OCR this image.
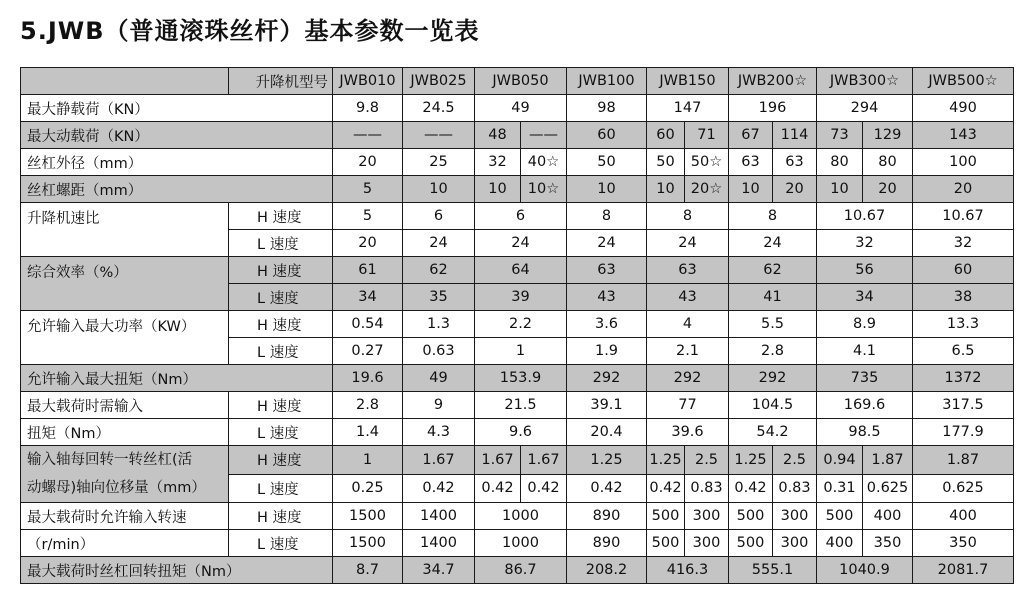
5.JWB（普通滚珠丝杆）基本参数一览表
	升降机型号	JWB010	JWB025	JWB050		JWB100	JWB150		JWB200☆		JWB300☆		JWB500☆
最大静载荷（KN）		9.8	24.5	49		98	147		196		294		490
最大动载荷（KN）		——	——	48	——	60	60	71	67	114	73	129	143
丝杠外径（mm）		20	25	32	40☆	50	50	50☆	63	63	80	80	100
丝杠螺距（mm）		5	10	10	10☆	10	10	20☆	10	20	10	20	20
升降机速比	H 速度	5	6	6		8	8		8		10.67		10.67
	L 速度	20	24	24		24	24		24		32		32
综合效率（%）	H 速度	61	62	64		63	63		62		56		60
	L 速度	34	35	39		43	43		41		34		38
允许输入最大功率（KW）	H 速度	0.54	1.3	2.2		3.6	4		5.5		8.9		13.3
	L 速度	0.27	0.63	1		1.9	2.1		2.8		4.1		6.5
允许输入最大扭矩（Nm）		19.6	49	153.9		292	292		292		735		1372
最大载荷时需输入	H 速度	2.8	9	21.5		39.1	77		104.5		169.6		317.5
扭矩（Nm）	L 速度	1.4	4.3	9.6		20.4	39.6		54.2		98.5		177.9

输入轴每回转一转丝杠(活
动螺母)轴向位移量（mm）	H 速度	1	1.67	1.67	1.67	1.25	1.25	2.5	1.25	2.5	0.94	1.87	1.87
	L 速度	0.25	0.42	0.42	0.42	0.42	0.42	0.83	0.42	0.83	0.31	0.625	0.625
最大载荷时允许输入转速	H 速度	1500	1400	1000		890	500	300	500	300	500	400	400
（r/min）	L 速度	1500	1400	1000		890	500	300	500	300	400	350	350
最大载荷时丝杠回转扭矩（Nm）		8.7	34.7	86.7		208.2	416.3		555.1		1040.9		2081.7
